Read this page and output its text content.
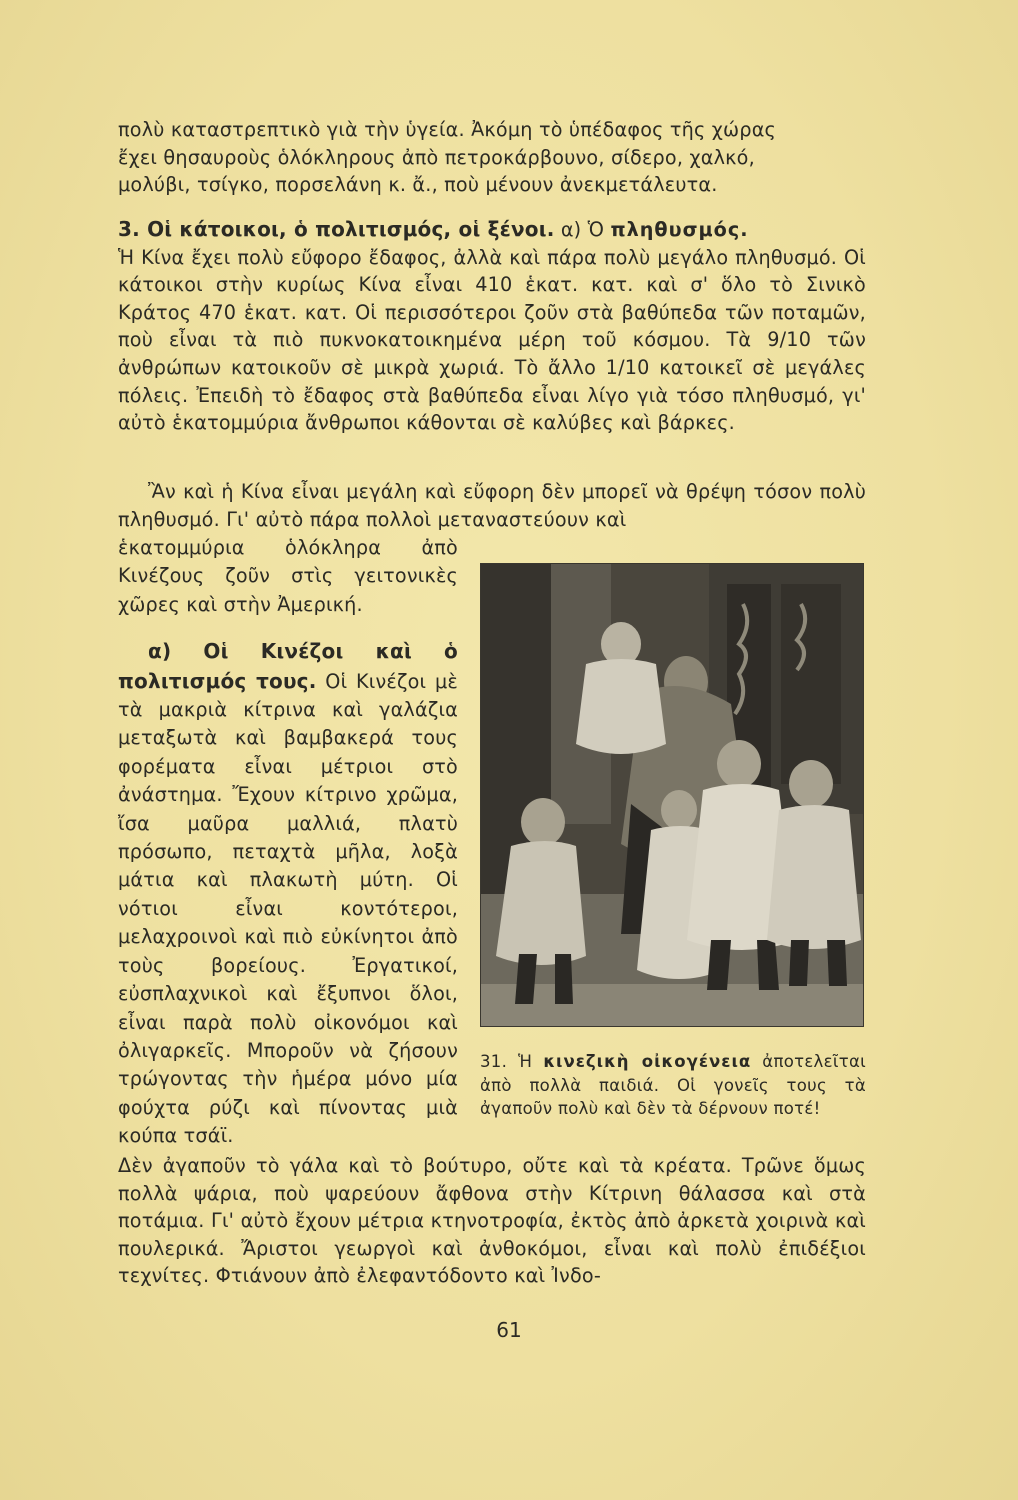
πολὺ καταστρεπτικὸ γιὰ τὴν ὑγεία. Ἀκόμη τὸ ὑπέδαφος τῆς χώρας

ἔχει θησαυροὺς ὁλόκληρους ἀπὸ πετροκάρβουνο, σίδερο, χαλκό,

μολύβι, τσίγκο, πορσελάνη κ. ἄ., ποὺ μένουν ἀνεκμετάλευτα.

3. Οἱ κάτοικοι, ὁ πολιτισμός, οἱ ξένοι. α) Ὁ πληθυσμός.

Ἡ Κίνα ἔχει πολὺ εὔφορο ἔδαφος, ἀλλὰ καὶ πάρα πολὺ μεγάλο πληθυσμό. Οἱ κάτοικοι στὴν κυρίως Κίνα εἶναι 410 ἑκατ. κατ. καὶ σ' ὅλο τὸ Σινικὸ Κράτος 470 ἑκατ. κατ. Οἱ περισσότεροι ζοῦν στὰ βαθύπεδα τῶν ποταμῶν, ποὺ εἶναι τὰ πιὸ πυκνοκατοικημένα μέρη τοῦ κόσμου. Τὰ 9/10 τῶν ἀνθρώπων κατοικοῦν σὲ μικρὰ χωριά. Τὸ ἄλλο 1/10 κατοικεῖ σὲ μεγάλες πόλεις. Ἐπειδὴ τὸ ἔδαφος στὰ βαθύπεδα εἶναι λίγο γιὰ τόσο πληθυσμό, γι' αὐτὸ ἑκατομμύρια ἄνθρωποι κάθονται σὲ καλύβες καὶ βάρκες.

Ἂν καὶ ἡ Κίνα εἶναι μεγάλη καὶ εὔφορη δὲν μπορεῖ νὰ θρέψη τόσον πολὺ πληθυσμό. Γι' αὐτὸ πάρα πολλοὶ μεταναστεύουν καὶ

ἑκατομμύρια ὁλόκληρα ἀπὸ Κινέζους ζοῦν στὶς γειτονικὲς χῶρες καὶ στὴν Ἀμερική.

α) Οἱ Κινέζοι καὶ ὁ πολιτισμός τους. Οἱ Κινέζοι μὲ τὰ μακριὰ κίτρινα καὶ γαλάζια μεταξωτὰ καὶ βαμβακερά τους φορέματα εἶναι μέτριοι στὸ ἀνάστημα. Ἔχουν κίτρινο χρῶμα, ἴσα μαῦρα μαλλιά, πλατὺ πρόσωπο, πεταχτὰ μῆλα, λοξὰ μάτια καὶ πλακωτὴ μύτη. Οἱ νότιοι εἶναι κοντότεροι, μελαχροινοὶ καὶ πιὸ εὐκίνητοι ἀπὸ τοὺς βορείους. Ἐργατικοί, εὐσπλαχνικοὶ καὶ ἔξυπνοι ὅλοι, εἶναι παρὰ πολὺ οἰκονόμοι καὶ ὀλιγαρκεῖς. Μποροῦν νὰ ζήσουν τρώγοντας τὴν ἡμέρα μόνο μία φούχτα ρύζι καὶ πίνοντας μιὰ κούπα τσάϊ.

31. Ἡ κινεζικὴ οἰκογένεια ἀποτελεῖται ἀπὸ πολλὰ παιδιά. Οἱ γονεῖς τους τὰ ἀγαποῦν πολὺ καὶ δὲν τὰ δέρνουν ποτέ!

Δὲν ἀγαποῦν τὸ γάλα καὶ τὸ βούτυρο, οὔτε καὶ τὰ κρέατα. Τρῶνε ὅμως πολλὰ ψάρια, ποὺ ψαρεύουν ἄφθονα στὴν Κίτρινη θάλασσα καὶ στὰ ποτάμια. Γι' αὐτὸ ἔχουν μέτρια κτηνοτροφία, ἐκτὸς ἀπὸ ἀρκετὰ χοιρινὰ καὶ πουλερικά. Ἄριστοι γεωργοὶ καὶ ἀνθοκόμοι, εἶναι καὶ πολὺ ἐπιδέξιοι τεχνίτες. Φτιάνουν ἀπὸ ἐλεφαντόδοντο καὶ Ἰνδο-

61
